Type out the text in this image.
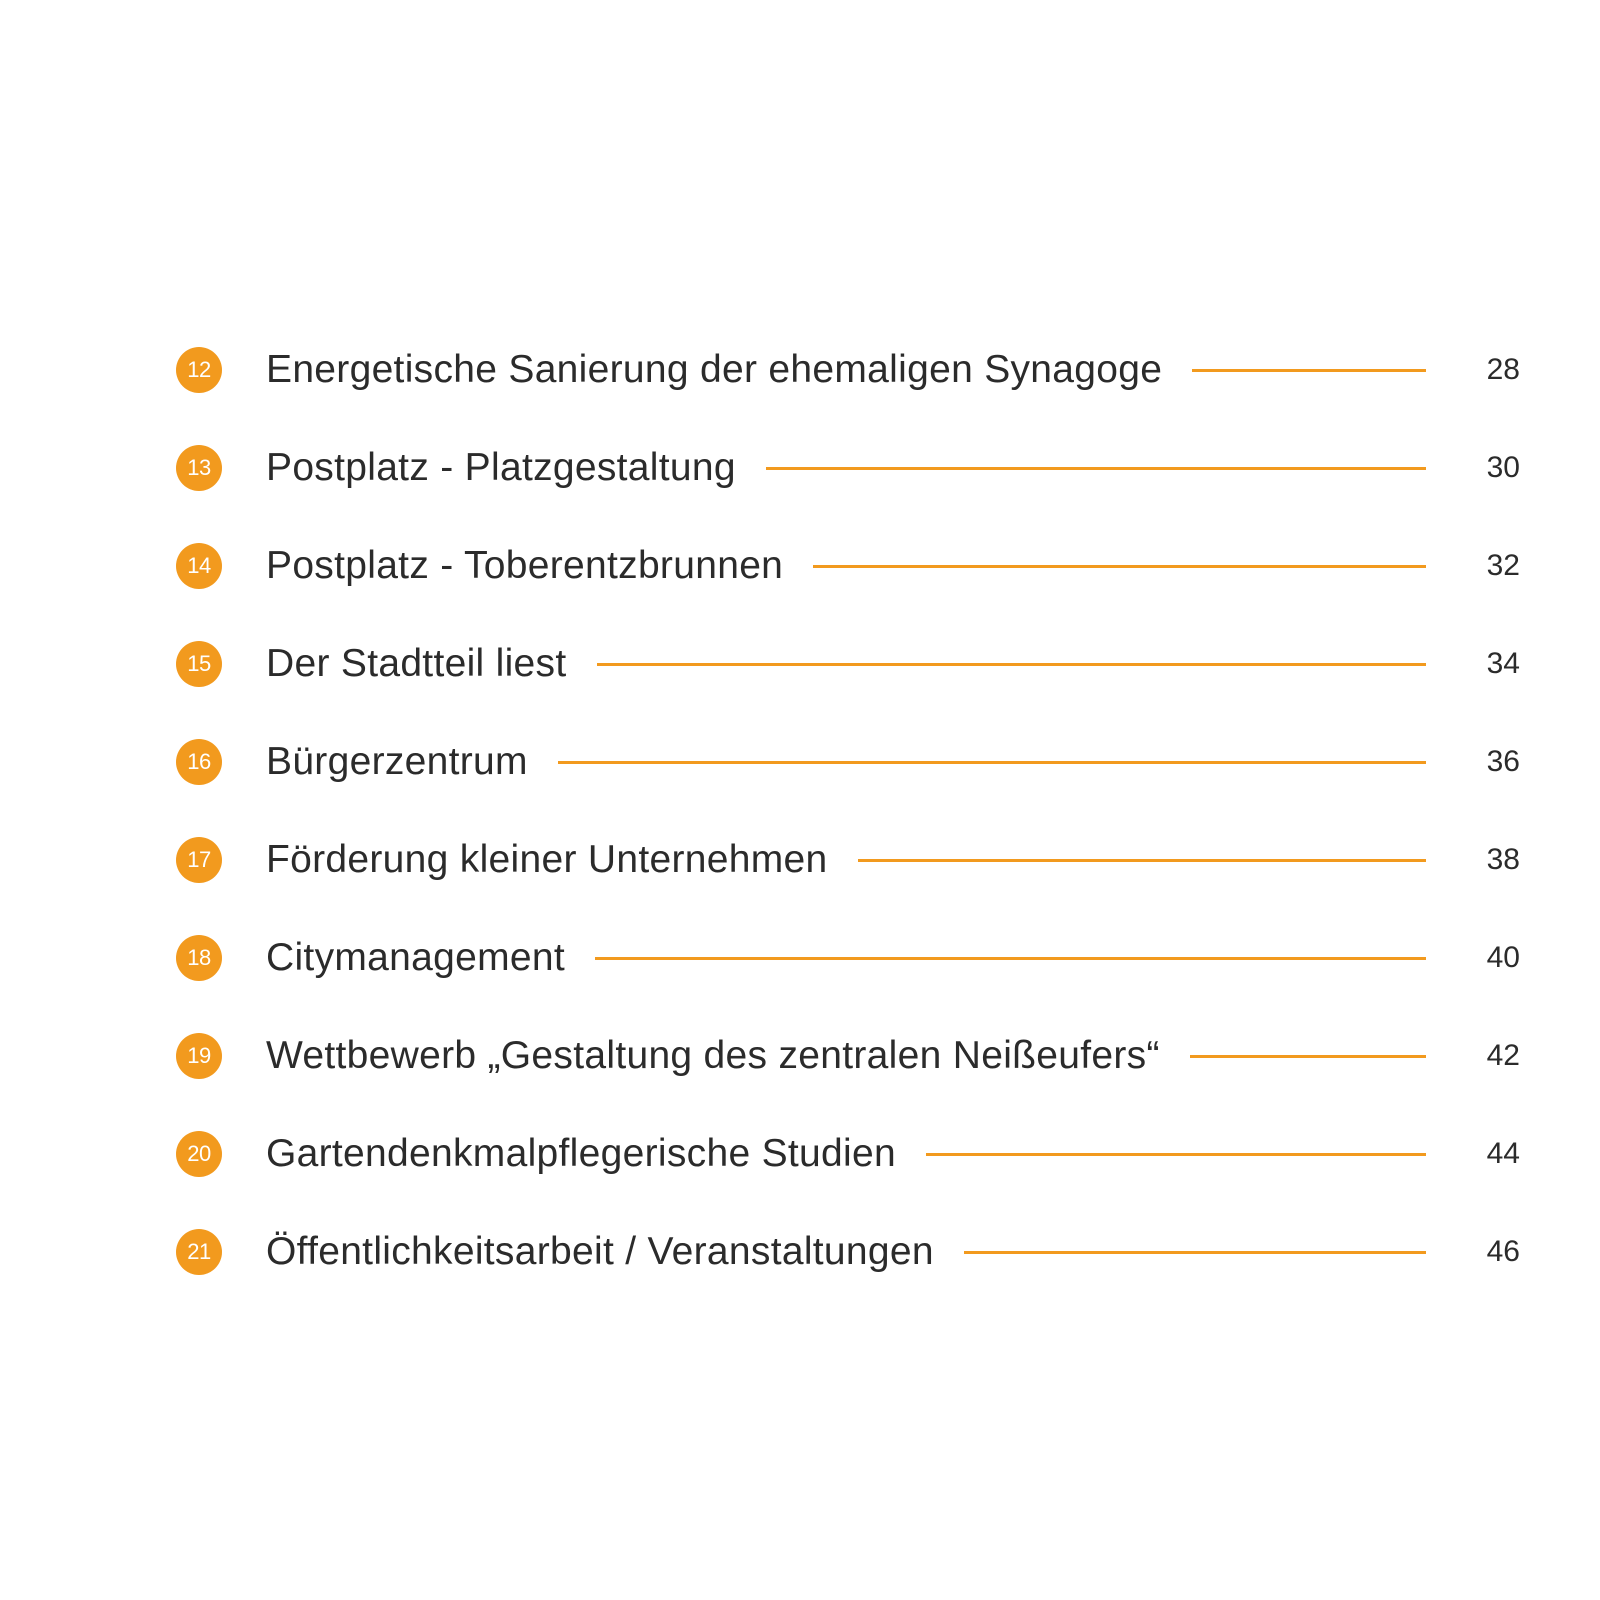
12 Energetische Sanierung der ehemaligen Synagoge	28
13 Postplatz - Platzgestaltung	30
14 Postplatz - Toberentzbrunnen	32
15 Der Stadtteil liest	34
16 Bürgerzentrum	36
17 Förderung kleiner Unternehmen	38
18 Citymanagement	40
19 Wettbewerb „Gestaltung des zentralen Neißeufers“	42
20 Gartendenkmalpflegerische Studien	44
21 Öffentlichkeitsarbeit / Veranstaltungen	46
